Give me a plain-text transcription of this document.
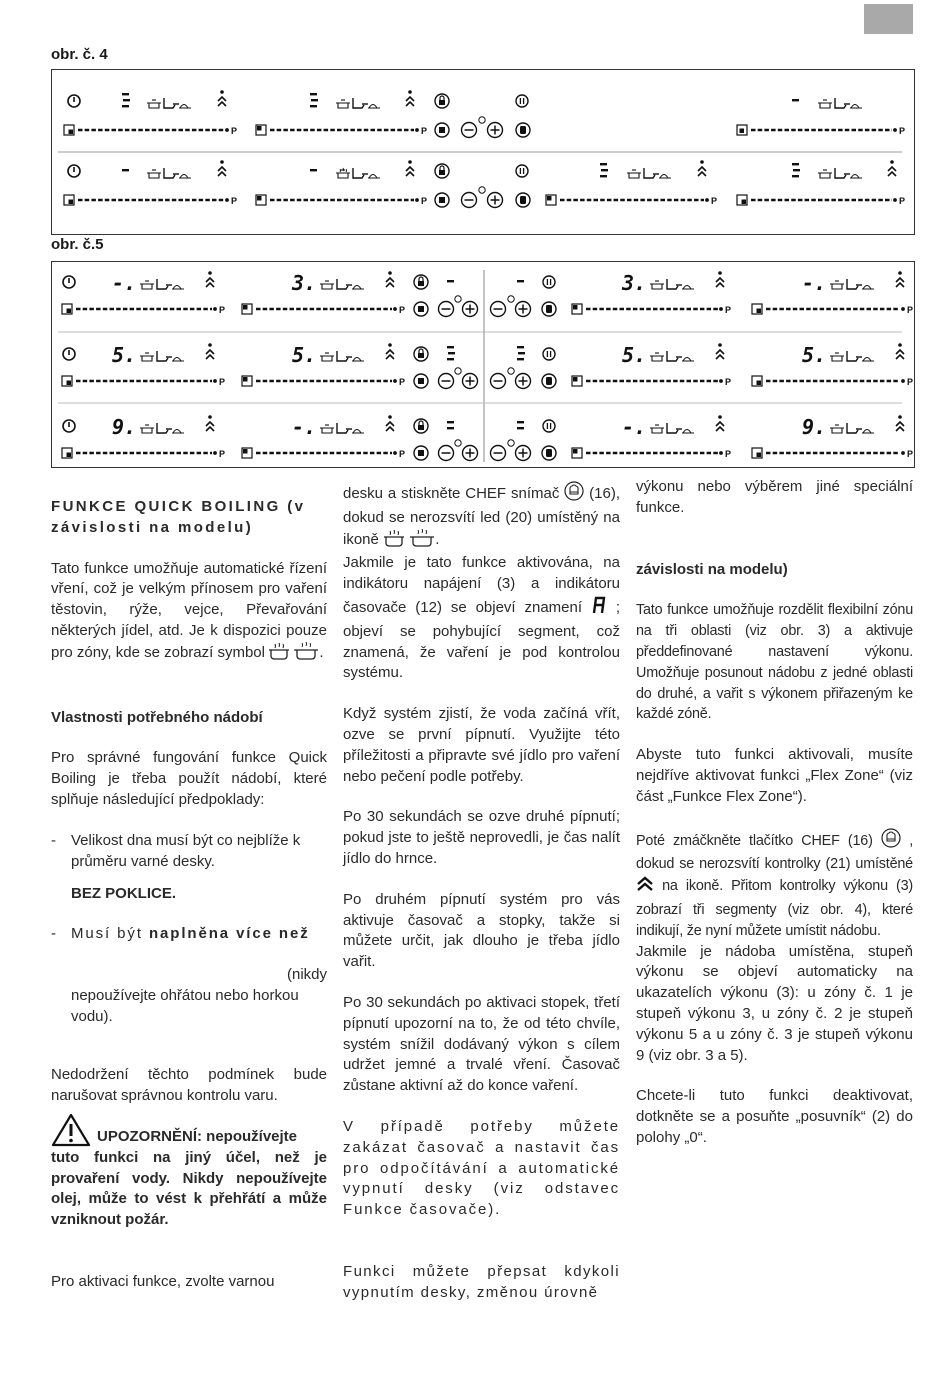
obr. č. 4
P	P	P
P	P	P	P
obr. č.5
-.	3.	3.	-.
P	P	P	P
5.	5.	5.	5.
P	P	P	P
9.	-.	-.	9.
P	P	P	P

FUNKCE QUICK BOILING (v závislosti na modelu)

Tato funkce umožňuje automatické řízení vření, což je velkým přínosem pro vaření těstovin, rýže, vejce, Převařování některých jídel, atd. Je k dispozici pouze pro zóny, kde se zobrazí symbol	.

Vlastnosti potřebného nádobí

Pro správné fungování funkce Quick Boiling je třeba použít nádobí, které splňuje následující předpoklady:

-	Velikost dna musí být co nejblíže k průměru varné desky.

BEZ POKLICE.

-	Musí být naplněna více než

(nikdy

nepoužívejte ohřátou nebo horkou vodu).

Nedodržení těchto podmínek bude narušovat správnou kontrolu varu.

UPOZORNĚNÍ: nepoužívejte

tuto funkci na jiný účel, než je provaření vody. Nikdy nepoužívejte olej, může to vést k přehřátí a může vzniknout požár.

Pro aktivaci funkce, zvolte varnou

desku a stiskněte CHEF snímač (16), dokud se nerozsvítí led (20) umístěný na ikoně	.

Jakmile je tato funkce aktivována, na indikátoru napájení (3) a indikátoru časovače (12) se objeví znamení ; objeví se pohybující segment, což znamená, že vaření je pod kontrolou systému.

Když systém zjistí, že voda začíná vřít, ozve se první pípnutí. Využijte této příležitosti a připravte své jídlo pro vaření nebo pečení podle potřeby.

Po 30 sekundách se ozve druhé pípnutí; pokud jste to ještě neprovedli, je čas nalít jídlo do hrnce.

Po druhém pípnutí systém pro vás aktivuje časovač a stopky, takže si můžete určit, jak dlouho je třeba jídlo vařit.

Po 30 sekundách po aktivaci stopek, třetí pípnutí upozorní na to, že od této chvíle, systém snížil dodávaný výkon s cílem udržet jemné a trvalé vření. Časovač zůstane aktivní až do konce vaření.

V případě potřeby můžete zakázat časovač a nastavit čas pro odpočítávání a automatické vypnutí desky (viz odstavec Funkce časovače).

Funkci můžete přepsat kdykoli vypnutím desky, změnou úrovně

výkonu nebo výběrem jiné speciální funkce.

závislosti na modelu)

Tato funkce umožňuje rozdělit flexibilní zónu na tři oblasti (viz obr. 3) a aktivuje předdefinované nastavení výkonu. Umožňuje posunout nádobu z jedné oblasti do druhé, a vařit s výkonem přiřazeným ke každé zóně.

Abyste tuto funkci aktivovali, musíte nejdříve aktivovat funkci „Flex Zone“ (viz část „Funkce Flex Zone“).

Poté zmáčkněte tlačítko CHEF (16)	, dokud se nerozsvítí kontrolky (21) umístěné  na ikoně. Přitom kontrolky výkonu (3) zobrazí tři segmenty (viz obr. 4), které indikují, že nyní můžete umístit nádobu.

Jakmile je nádoba umístěna, stupeň výkonu se objeví automaticky na ukazatelích výkonu (3): u zóny č. 1 je stupeň výkonu 3, u zóny č. 2 je stupeň výkonu 5 a u zóny č. 3 je stupeň výkonu 9 (viz obr. 3 a 5).

Chcete-li tuto funkci deaktivovat, dotkněte se a posuňte „posuvník“ (2) do polohy „0“.
